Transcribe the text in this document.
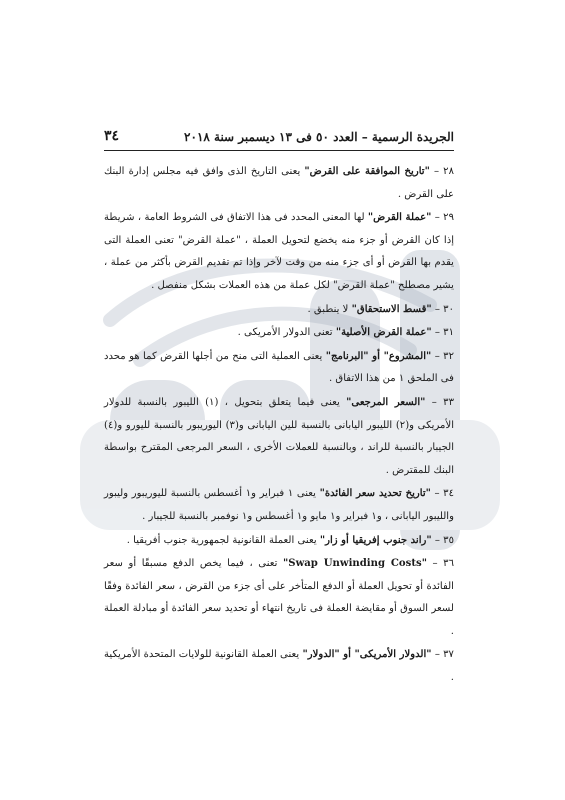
الجريدة الرسمية – العدد ٥٠ فى ١٣ ديسمبر سنة ٢٠١٨
٣٤

٢٨ – "تاريخ الموافقة على القرض" يعنى التاريخ الذى وافق فيه مجلس إدارة البنك على القرض .

٢٩ – "عملة القرض" لها المعنى المحدد فى هذا الاتفاق فى الشروط العامة ، شريطة إذا كان القرض أو جزء منه يخضع لتحويل العملة ، "عملة القرض" تعنى العملة التى يقدم بها القرض أو أى جزء منه من وقت لآخر وإذا تم تقديم القرض بأكثر من عملة ، يشير مصطلح "عملة القرض" لكل عملة من هذه العملات بشكل منفصل .

٣٠ – "قسط الاستحقاق" لا ينطبق .

٣١ – "عملة القرض الأصلية" تعنى الدولار الأمريكى .

٣٢ – "المشروع" أو "البرنامج" يعنى العملية التى منح من أجلها القرض كما هو محدد فى الملحق ١ من هذا الاتفاق .

٣٣ – "السعر المرجعى" يعنى فيما يتعلق بتحويل ، (١) الليبور بالنسبة للدولار الأمريكى و(٢) الليبور اليابانى بالنسبة للين اليابانى و(٣) اليوريبور بالنسبة لليورو و(٤) الجيبار بالنسبة للراند ، وبالنسبة للعملات الأخرى ، السعر المرجعى المقترح بواسطة البنك للمقترض .

٣٤ – "تاريخ تحديد سعر الفائدة" يعنى ١ فبراير و١ أغسطس بالنسبة لليوريبور وليبور والليبور اليابانى ، و١ فبراير و١ مايو و١ أغسطس و١ نوفمبر بالنسبة للجيبار .

٣٥ – "راند جنوب إفريقيا أو زار" يعنى العملة القانونية لجمهورية جنوب أفريقيا .

٣٦ – "Swap Unwinding Costs" تعنى ، فيما يخص الدفع مسبقًا أو سعر الفائدة أو تحويل العملة أو الدفع المتأخر على أى جزء من القرض ، سعر الفائدة وفقًا لسعر السوق أو مقايضة العملة فى تاريخ انتهاء أو تحديد سعر الفائدة أو مبادلة العملة .

٣٧ – "الدولار الأمريكى" أو "الدولار" يعنى العملة القانونية للولايات المتحدة الأمريكية .
